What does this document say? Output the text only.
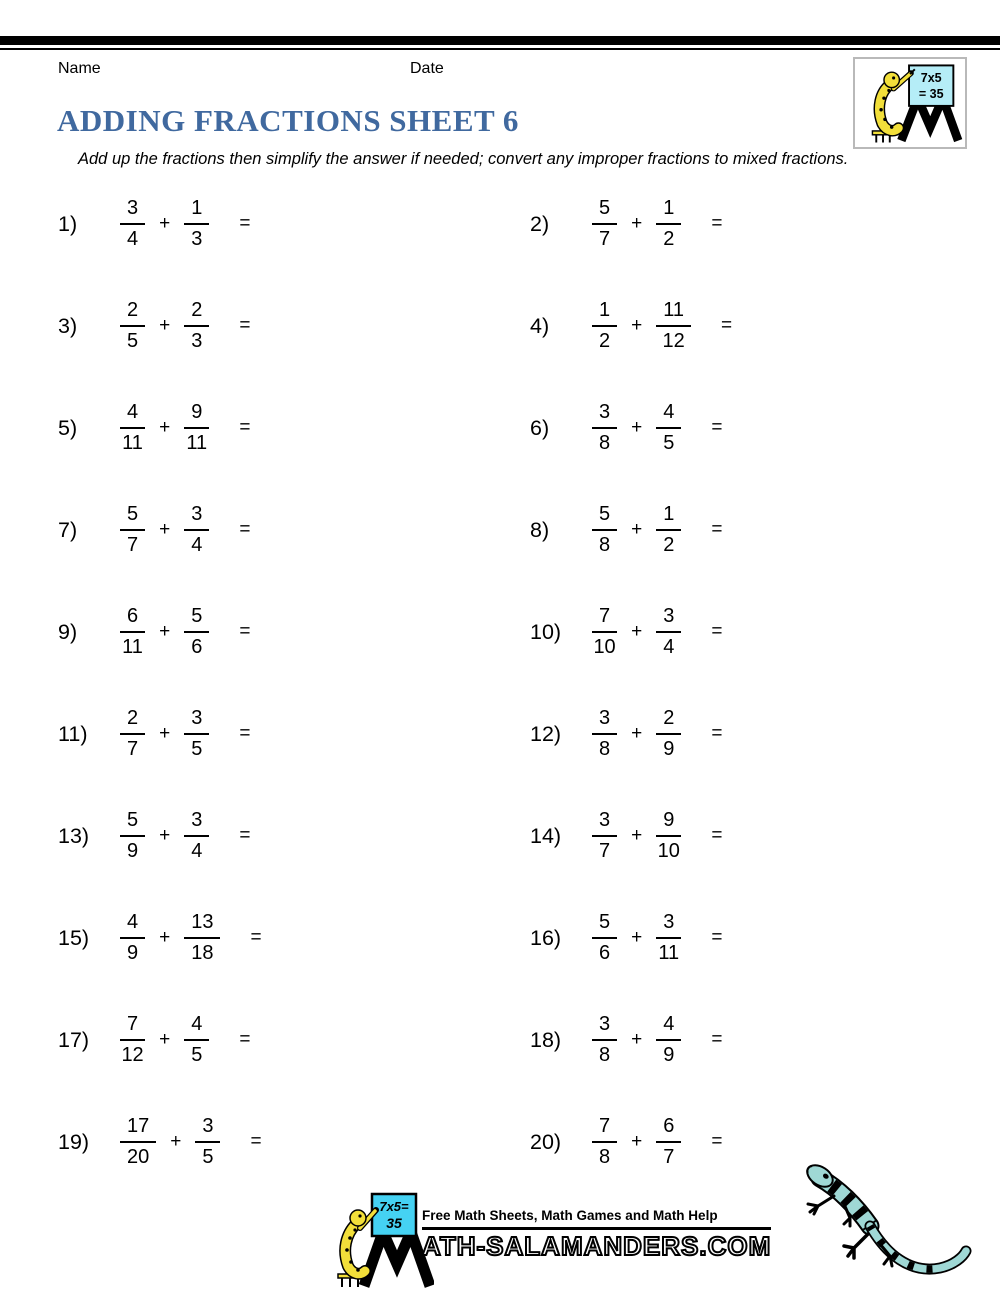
Name	Date
7x5
= 35
ADDING FRACTIONS SHEET 6

Add up the fractions then simplify the answer if needed; convert any improper fractions to mixed fractions.

1)	$\frac{3}{4} + \frac{1}{3}$ =	2)	$\frac{5}{7} + \frac{1}{2}$ =
3)	$\frac{2}{5} + \frac{2}{3}$ =	4)	$\frac{1}{2} + \frac{11}{12}$ =
5)	$\frac{4}{11} + \frac{9}{11}$ =	6)	$\frac{3}{8} + \frac{4}{5}$ =
7)	$\frac{5}{7} + \frac{3}{4}$ =	8)	$\frac{5}{8} + \frac{1}{2}$ =
9)	$\frac{6}{11} + \frac{5}{6}$ =	10)	$\frac{7}{10} + \frac{3}{4}$ =
11)	$\frac{2}{7} + \frac{3}{5}$ =	12)	$\frac{3}{8} + \frac{2}{9}$ =
13)	$\frac{5}{9} + \frac{3}{4}$ =	14)	$\frac{3}{7} + \frac{9}{10}$ =
15)	$\frac{4}{9} + \frac{13}{18}$ =	16)	$\frac{5}{6} + \frac{3}{11}$ =
17)	$\frac{7}{12} + \frac{4}{5}$ =	18)	$\frac{3}{8} + \frac{4}{9}$ =
19)	$\frac{17}{20} + \frac{3}{5}$ =	20)	$\frac{7}{8} + \frac{6}{7}$ =
7x5=
35 Free Math Sheets, Math Games and Math Help
ATH-SALAMANDERS.COM
